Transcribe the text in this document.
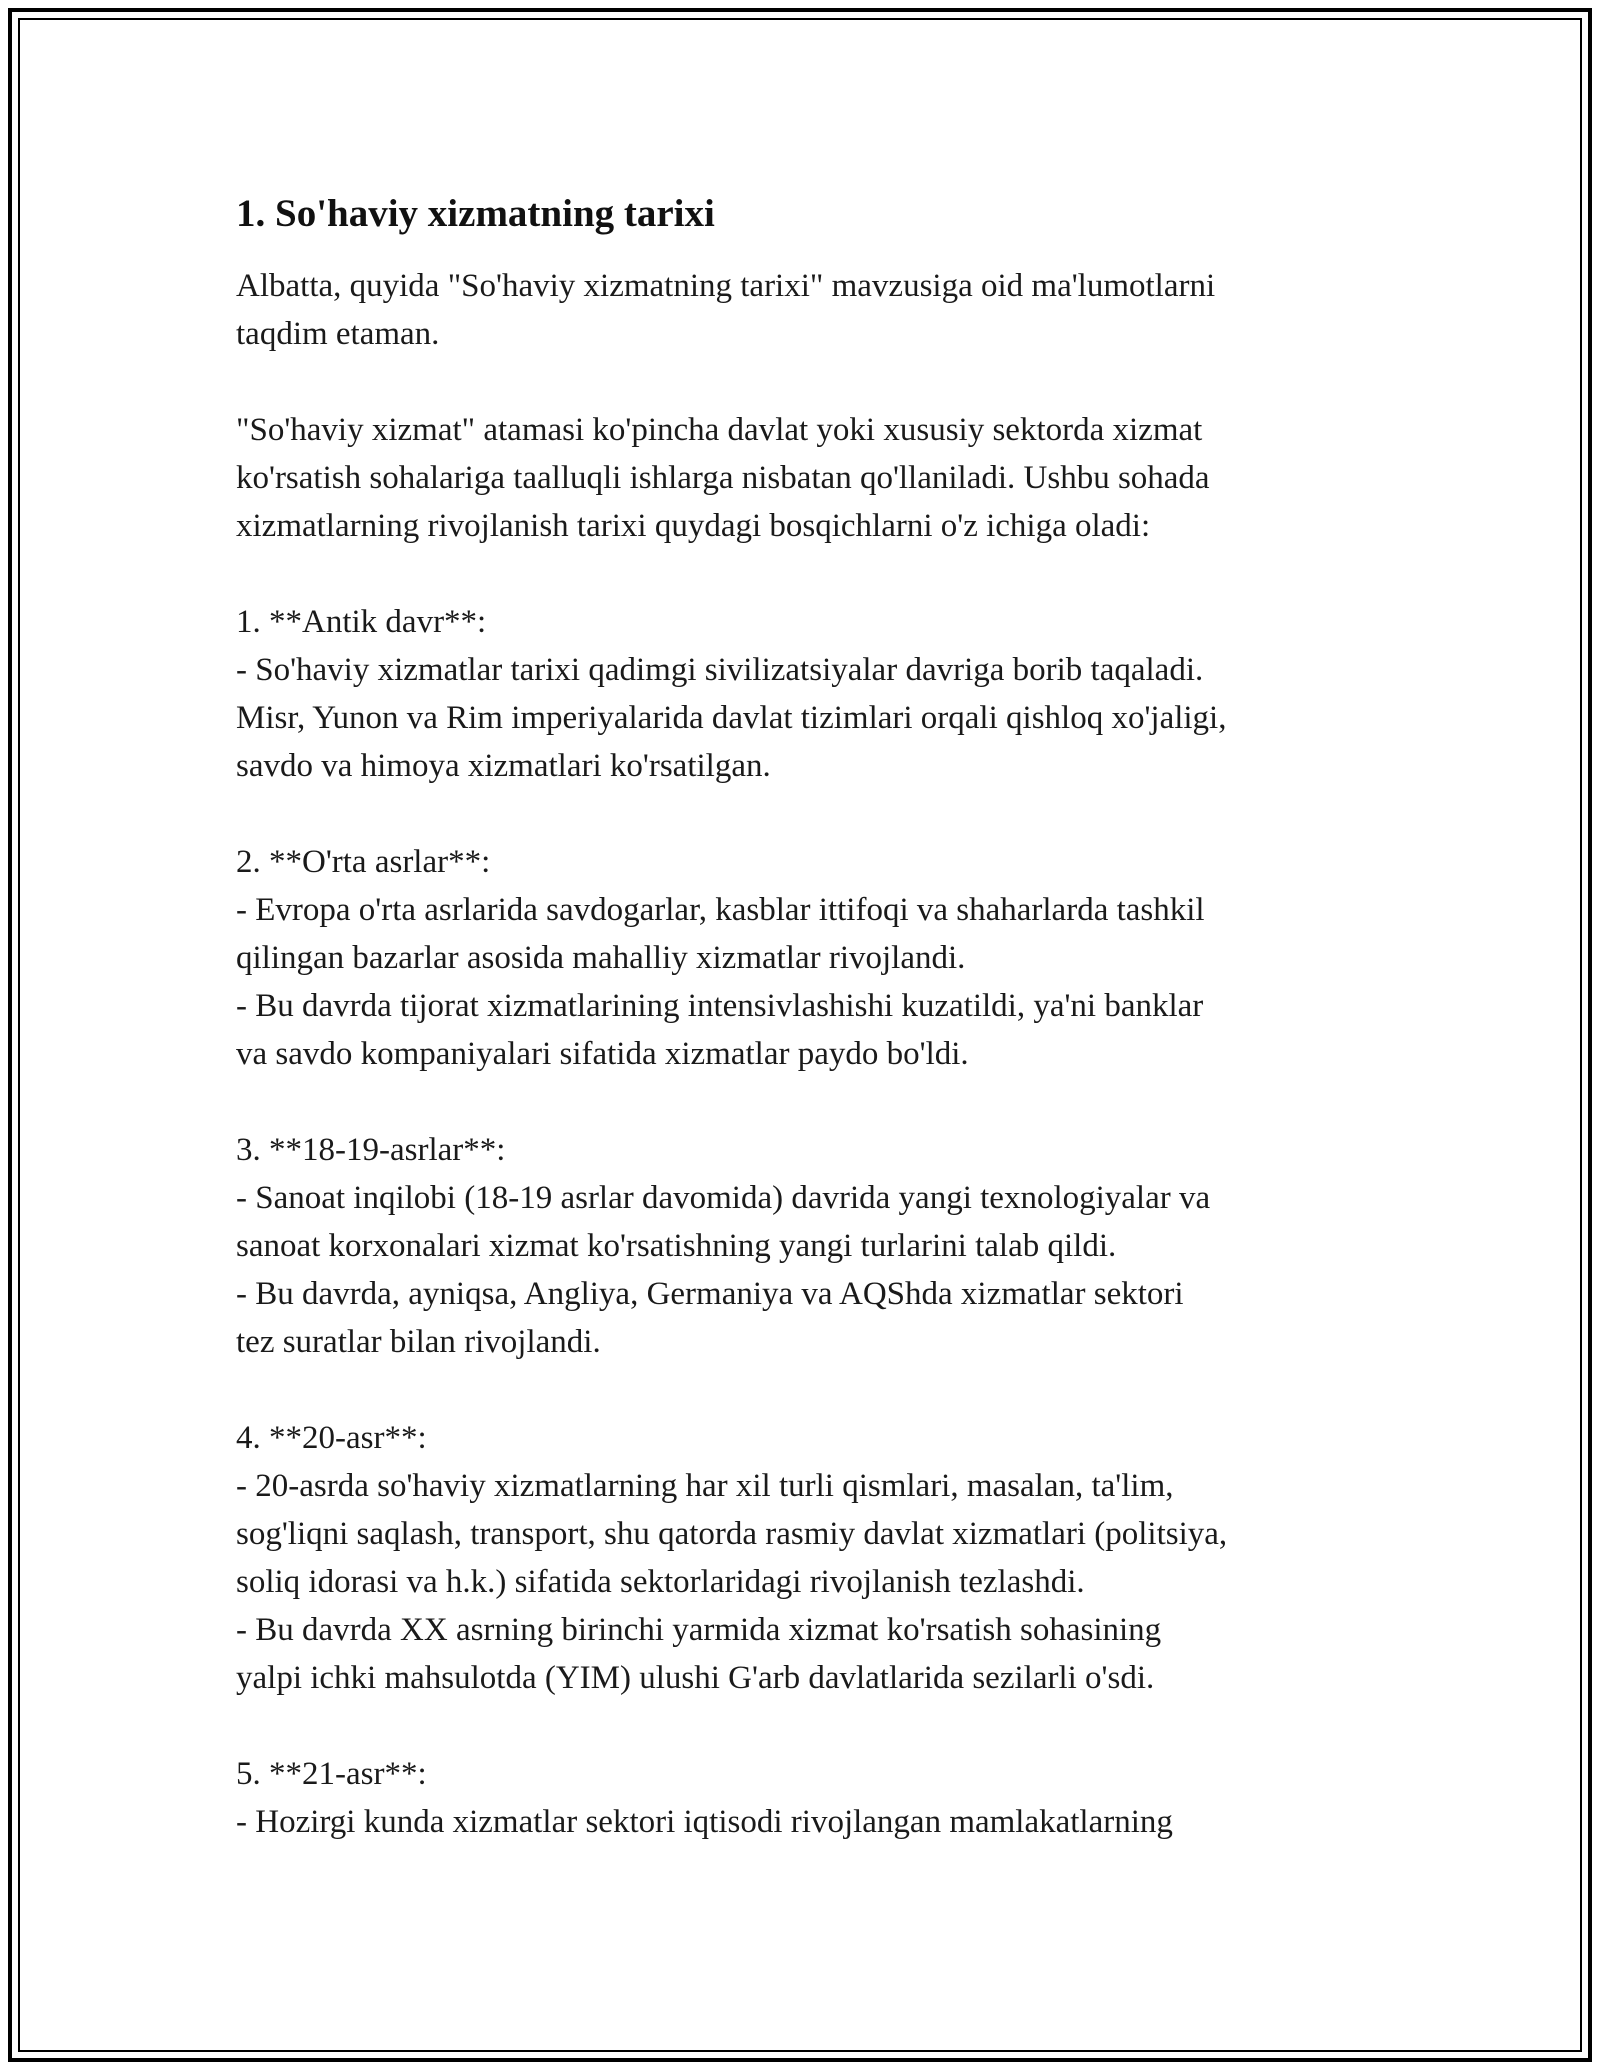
1. So'haviy xizmatning tarixi

Albatta, quyida "So'haviy xizmatning tarixi" mavzusiga oid ma'lumotlarni
taqdim etaman.

"So'haviy xizmat" atamasi ko'pincha davlat yoki xususiy sektorda xizmat
ko'rsatish sohalariga taalluqli ishlarga nisbatan qo'llaniladi. Ushbu sohada
xizmatlarning rivojlanish tarixi quydagi bosqichlarni o'z ichiga oladi:

1. **Antik davr**:
- So'haviy xizmatlar tarixi qadimgi sivilizatsiyalar davriga borib taqaladi.
Misr, Yunon va Rim imperiyalarida davlat tizimlari orqali qishloq xo'jaligi,
savdo va himoya xizmatlari ko'rsatilgan.

2. **O'rta asrlar**:
- Evropa o'rta asrlarida savdogarlar, kasblar ittifoqi va shaharlarda tashkil
qilingan bazarlar asosida mahalliy xizmatlar rivojlandi.
- Bu davrda tijorat xizmatlarining intensivlashishi kuzatildi, ya'ni banklar
va savdo kompaniyalari sifatida xizmatlar paydo bo'ldi.

3. **18-19-asrlar**:
- Sanoat inqilobi (18-19 asrlar davomida) davrida yangi texnologiyalar va
sanoat korxonalari xizmat ko'rsatishning yangi turlarini talab qildi.
- Bu davrda, ayniqsa, Angliya, Germaniya va AQShda xizmatlar sektori
tez suratlar bilan rivojlandi.

4. **20-asr**:
- 20-asrda so'haviy xizmatlarning har xil turli qismlari, masalan, ta'lim,
sog'liqni saqlash, transport, shu qatorda rasmiy davlat xizmatlari (politsiya,
soliq idorasi va h.k.) sifatida sektorlaridagi rivojlanish tezlashdi.
- Bu davrda XX asrning birinchi yarmida xizmat ko'rsatish sohasining
yalpi ichki mahsulotda (YIM) ulushi G'arb davlatlarida sezilarli o'sdi.

5. **21-asr**:
- Hozirgi kunda xizmatlar sektori iqtisodi rivojlangan mamlakatlarning
